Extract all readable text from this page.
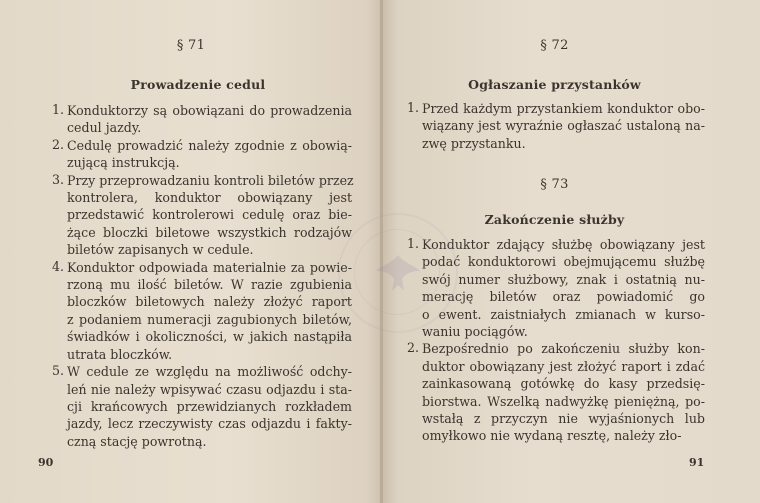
§ 71
Prowadzenie cedul
1. Konduktorzy są obowiązani do prowadzenia
cedul jazdy.
2. Cedulę prowadzić należy zgodnie z obowią-
zującą instrukcją.
3. Przy przeprowadzaniu kontroli biletów przez
kontrolera, konduktor obowiązany jest
przedstawić kontrolerowi cedulę oraz bie-
żące bloczki biletowe wszystkich rodzajów
biletów zapisanych w cedule.
4. Konduktor odpowiada materialnie za powie-
rzoną mu ilość biletów. W razie zgubienia
bloczków biletowych należy złożyć raport
z podaniem numeracji zagubionych biletów,
świadków i okoliczności, w jakich nastąpiła
utrata bloczków.
5. W cedule ze względu na możliwość odchy-
leń nie należy wpisywać czasu odjazdu i sta-
cji krańcowych przewidzianych rozkładem
jazdy, lecz rzeczywisty czas odjazdu i fakty-
czną stację powrotną.
90
§ 72
Ogłaszanie przystanków
1. Przed każdym przystankiem konduktor obo-
wiązany jest wyraźnie ogłaszać ustaloną na-
zwę przystanku.
§ 73
Zakończenie służby
1. Konduktor zdający służbę obowiązany jest
podać konduktorowi obejmującemu służbę
swój numer służbowy, znak i ostatnią nu-
merację biletów oraz powiadomić go
o ewent. zaistniałych zmianach w kurso-
waniu pociągów.
2. Bezpośrednio po zakończeniu służby kon-
duktor obowiązany jest złożyć raport i zdać
zainkasowaną gotówkę do kasy przedsię-
biorstwa. Wszelką nadwyżkę pieniężną, po-
wstałą z przyczyn nie wyjaśnionych lub
omyłkowo nie wydaną resztę, należy zło-
91
